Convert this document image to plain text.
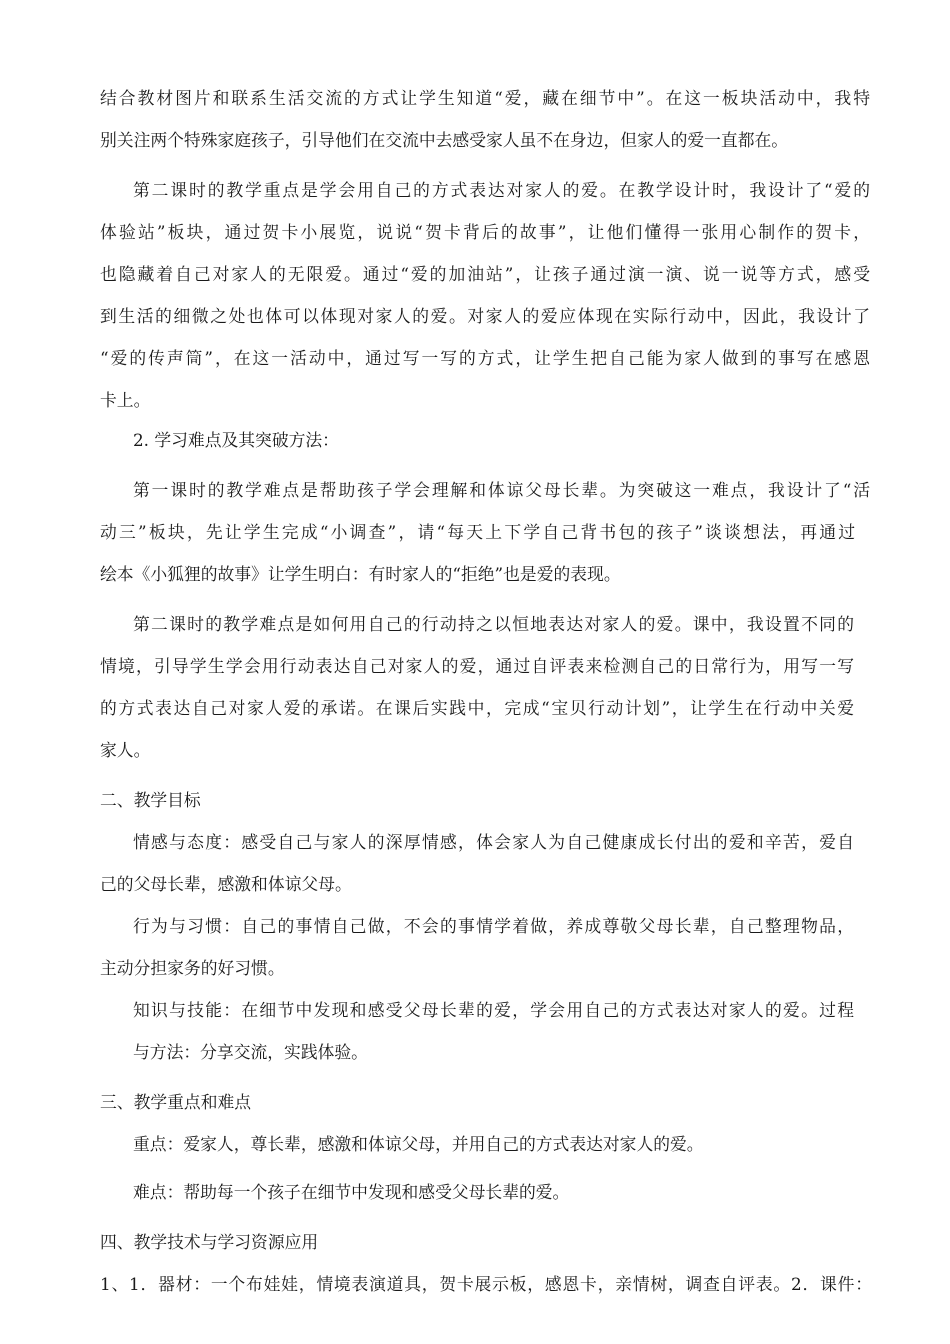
结合教材图片和联系生活交流的方式让学生知道“爱，藏在细节中”。在这一板块活动中，我特
别关注两个特殊家庭孩子，引导他们在交流中去感受家人虽不在身边，但家人的爱一直都在。
第二课时的教学重点是学会用自己的方式表达对家人的爱。在教学设计时，我设计了“爱的
体验站”板块，通过贺卡小展览，说说“贺卡背后的故事”，让他们懂得一张用心制作的贺卡，
也隐藏着自己对家人的无限爱。通过“爱的加油站”，让孩子通过演一演、说一说等方式，感受
到生活的细微之处也体可以体现对家人的爱。对家人的爱应体现在实际行动中，因此，我设计了
“爱的传声筒”，在这一活动中，通过写一写的方式，让学生把自己能为家人做到的事写在感恩
卡上。
2. 学习难点及其突破方法：
第一课时的教学难点是帮助孩子学会理解和体谅父母长辈。为突破这一难点，我设计了“活
动三”板块，先让学生完成“小调查”，请“每天上下学自己背书包的孩子”谈谈想法，再通过
绘本《小狐狸的故事》让学生明白：有时家人的“拒绝”也是爱的表现。
第二课时的教学难点是如何用自己的行动持之以恒地表达对家人的爱。课中，我设置不同的
情境，引导学生学会用行动表达自己对家人的爱，通过自评表来检测自己的日常行为，用写一写
的方式表达自己对家人爱的承诺。在课后实践中，完成“宝贝行动计划”，让学生在行动中关爱
家人。
二、教学目标
情感与态度：感受自己与家人的深厚情感，体会家人为自己健康成长付出的爱和辛苦，爱自
己的父母长辈，感激和体谅父母。
行为与习惯：自己的事情自己做，不会的事情学着做，养成尊敬父母长辈，自己整理物品，
主动分担家务的好习惯。
知识与技能：在细节中发现和感受父母长辈的爱，学会用自己的方式表达对家人的爱。过程
与方法：分享交流，实践体验。
三、教学重点和难点
重点：爱家人，尊长辈，感激和体谅父母，并用自己的方式表达对家人的爱。
难点：帮助每一个孩子在细节中发现和感受父母长辈的爱。
四、教学技术与学习资源应用
1、1．器材：一个布娃娃，情境表演道具，贺卡展示板，感恩卡，亲情树，调查自评表。2．课件：
